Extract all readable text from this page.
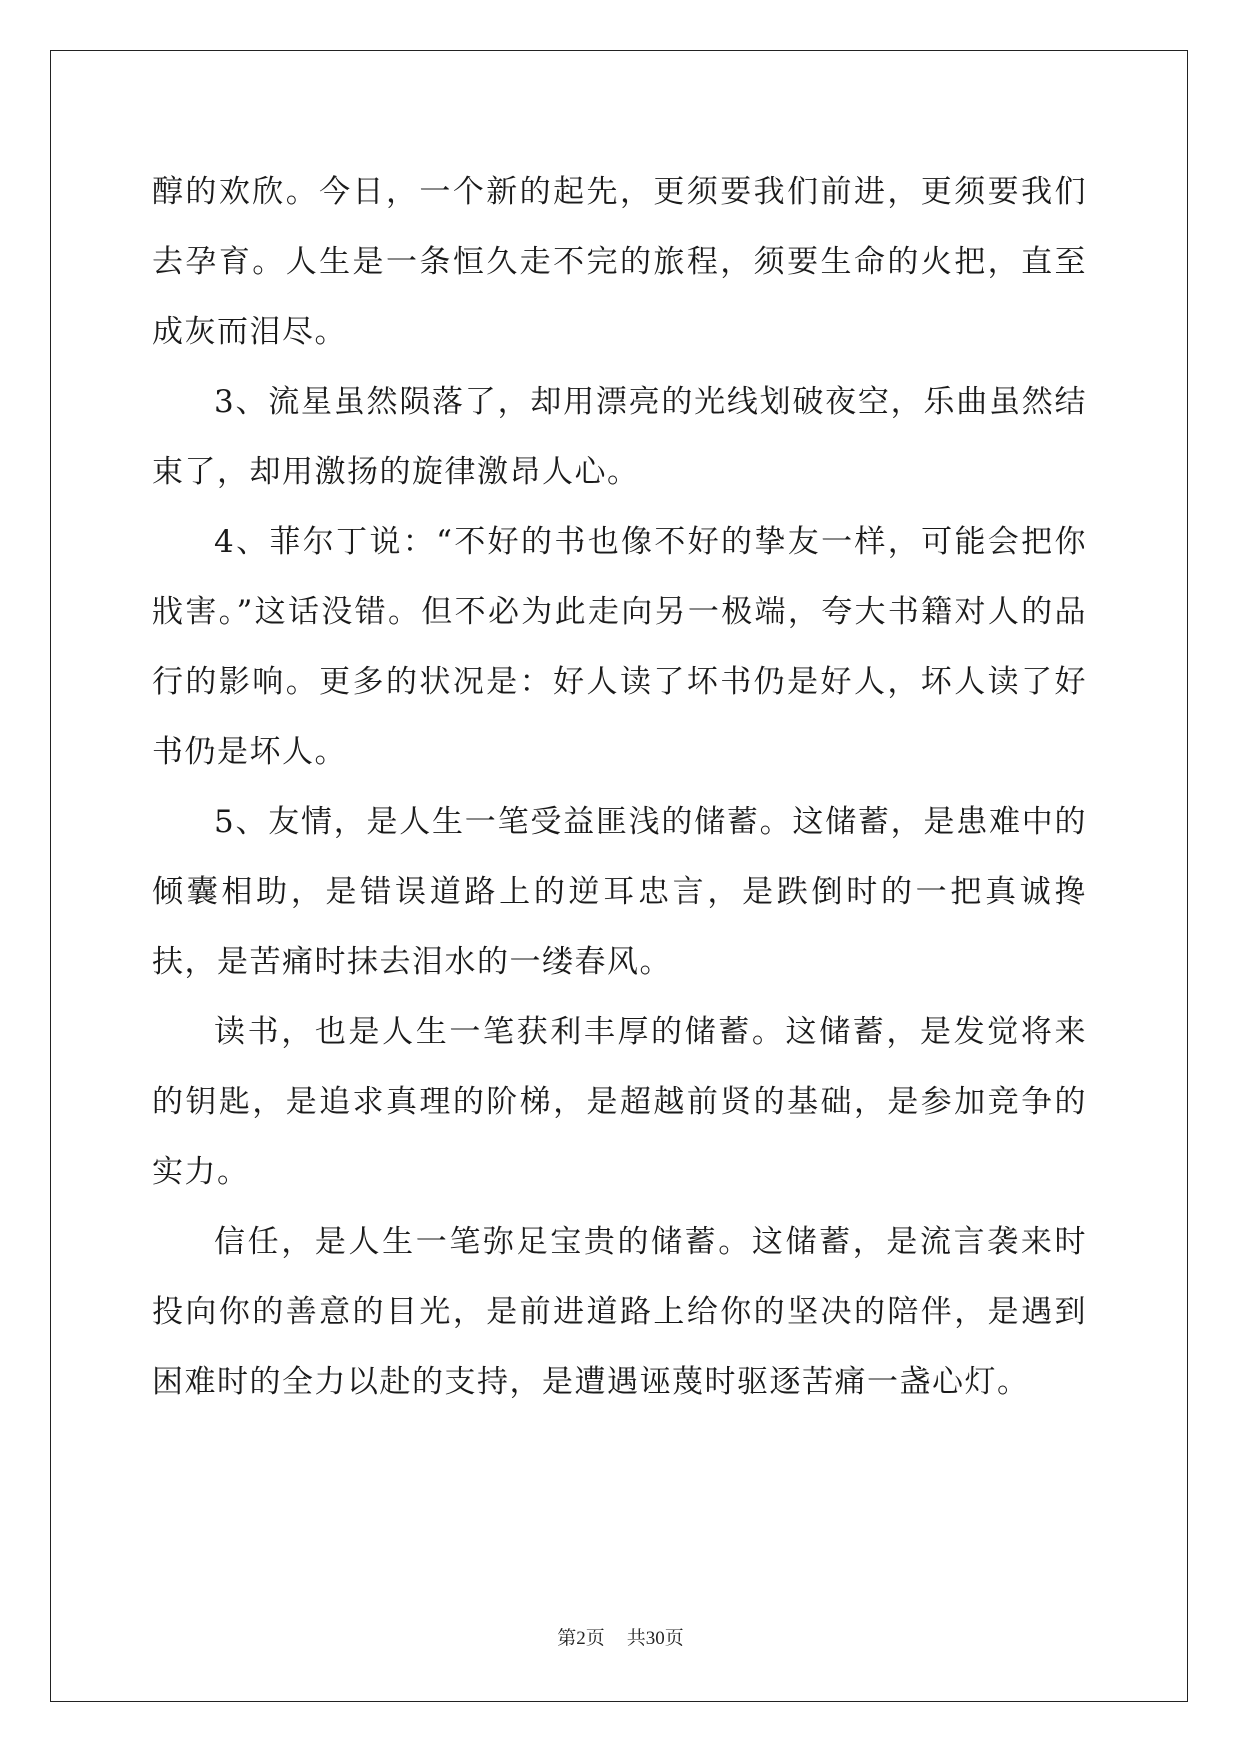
醇的欢欣。今日，一个新的起先，更须要我们前进，更须要我们去孕育。人生是一条恒久走不完的旅程，须要生命的火把，直至成灰而泪尽。

3、流星虽然陨落了，却用漂亮的光线划破夜空，乐曲虽然结束了，却用激扬的旋律激昂人心。

4、菲尔丁说：“不好的书也像不好的挚友一样，可能会把你戕害。”这话没错。但不必为此走向另一极端，夸大书籍对人的品行的影响。更多的状况是：好人读了坏书仍是好人，坏人读了好书仍是坏人。

5、友情，是人生一笔受益匪浅的储蓄。这储蓄，是患难中的倾囊相助，是错误道路上的逆耳忠言，是跌倒时的一把真诚搀扶，是苦痛时抹去泪水的一缕春风。

读书，也是人生一笔获利丰厚的储蓄。这储蓄，是发觉将来的钥匙，是追求真理的阶梯，是超越前贤的基础，是参加竞争的实力。

信任，是人生一笔弥足宝贵的储蓄。这储蓄，是流言袭来时投向你的善意的目光，是前进道路上给你的坚决的陪伴，是遇到困难时的全力以赴的支持，是遭遇诬蔑时驱逐苦痛一盏心灯。

第2页 共30页
